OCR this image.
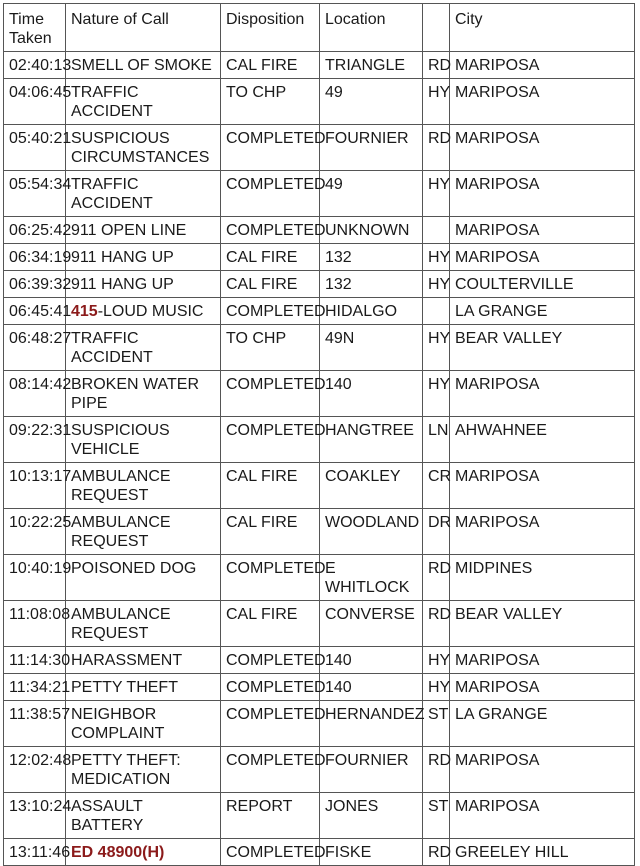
Time Taken	Nature of Call	Disposition	Location		City
02:40:13	SMELL OF SMOKE	CAL FIRE	TRIANGLE	RD	MARIPOSA
04:06:45	TRAFFIC ACCIDENT	TO CHP	49	HY	MARIPOSA
05:40:21	SUSPICIOUS CIRCUMSTANCES	COMPLETED	FOURNIER	RD	MARIPOSA
05:54:34	TRAFFIC ACCIDENT	COMPLETED	49	HY	MARIPOSA
06:25:42	911 OPEN LINE	COMPLETED	UNKNOWN		MARIPOSA
06:34:19	911 HANG UP	CAL FIRE	132	HY	MARIPOSA
06:39:32	911 HANG UP	CAL FIRE	132	HY	COULTERVILLE
06:45:41	415-LOUD MUSIC	COMPLETED	HIDALGO		LA GRANGE
06:48:27	TRAFFIC ACCIDENT	TO CHP	49N	HY	BEAR VALLEY
08:14:42	BROKEN WATER PIPE	COMPLETED	140	HY	MARIPOSA
09:22:31	SUSPICIOUS VEHICLE	COMPLETED	HANGTREE	LN	AHWAHNEE
10:13:17	AMBULANCE REQUEST	CAL FIRE	COAKLEY	CR	MARIPOSA
10:22:25	AMBULANCE REQUEST	CAL FIRE	WOODLAND	DR	MARIPOSA
10:40:19	POISONED DOG	COMPLETED	E WHITLOCK	RD	MIDPINES
11:08:08	AMBULANCE REQUEST	CAL FIRE	CONVERSE	RD	BEAR VALLEY
11:14:30	HARASSMENT	COMPLETED	140	HY	MARIPOSA
11:34:21	PETTY THEFT	COMPLETED	140	HY	MARIPOSA
11:38:57	NEIGHBOR COMPLAINT	COMPLETED	HERNANDEZ	ST	LA GRANGE
12:02:48	PETTY THEFT: MEDICATION	COMPLETED	FOURNIER	RD	MARIPOSA
13:10:24	ASSAULT BATTERY	REPORT	JONES	ST	MARIPOSA
13:11:46	ED 48900(H)	COMPLETED	FISKE	RD	GREELEY HILL
